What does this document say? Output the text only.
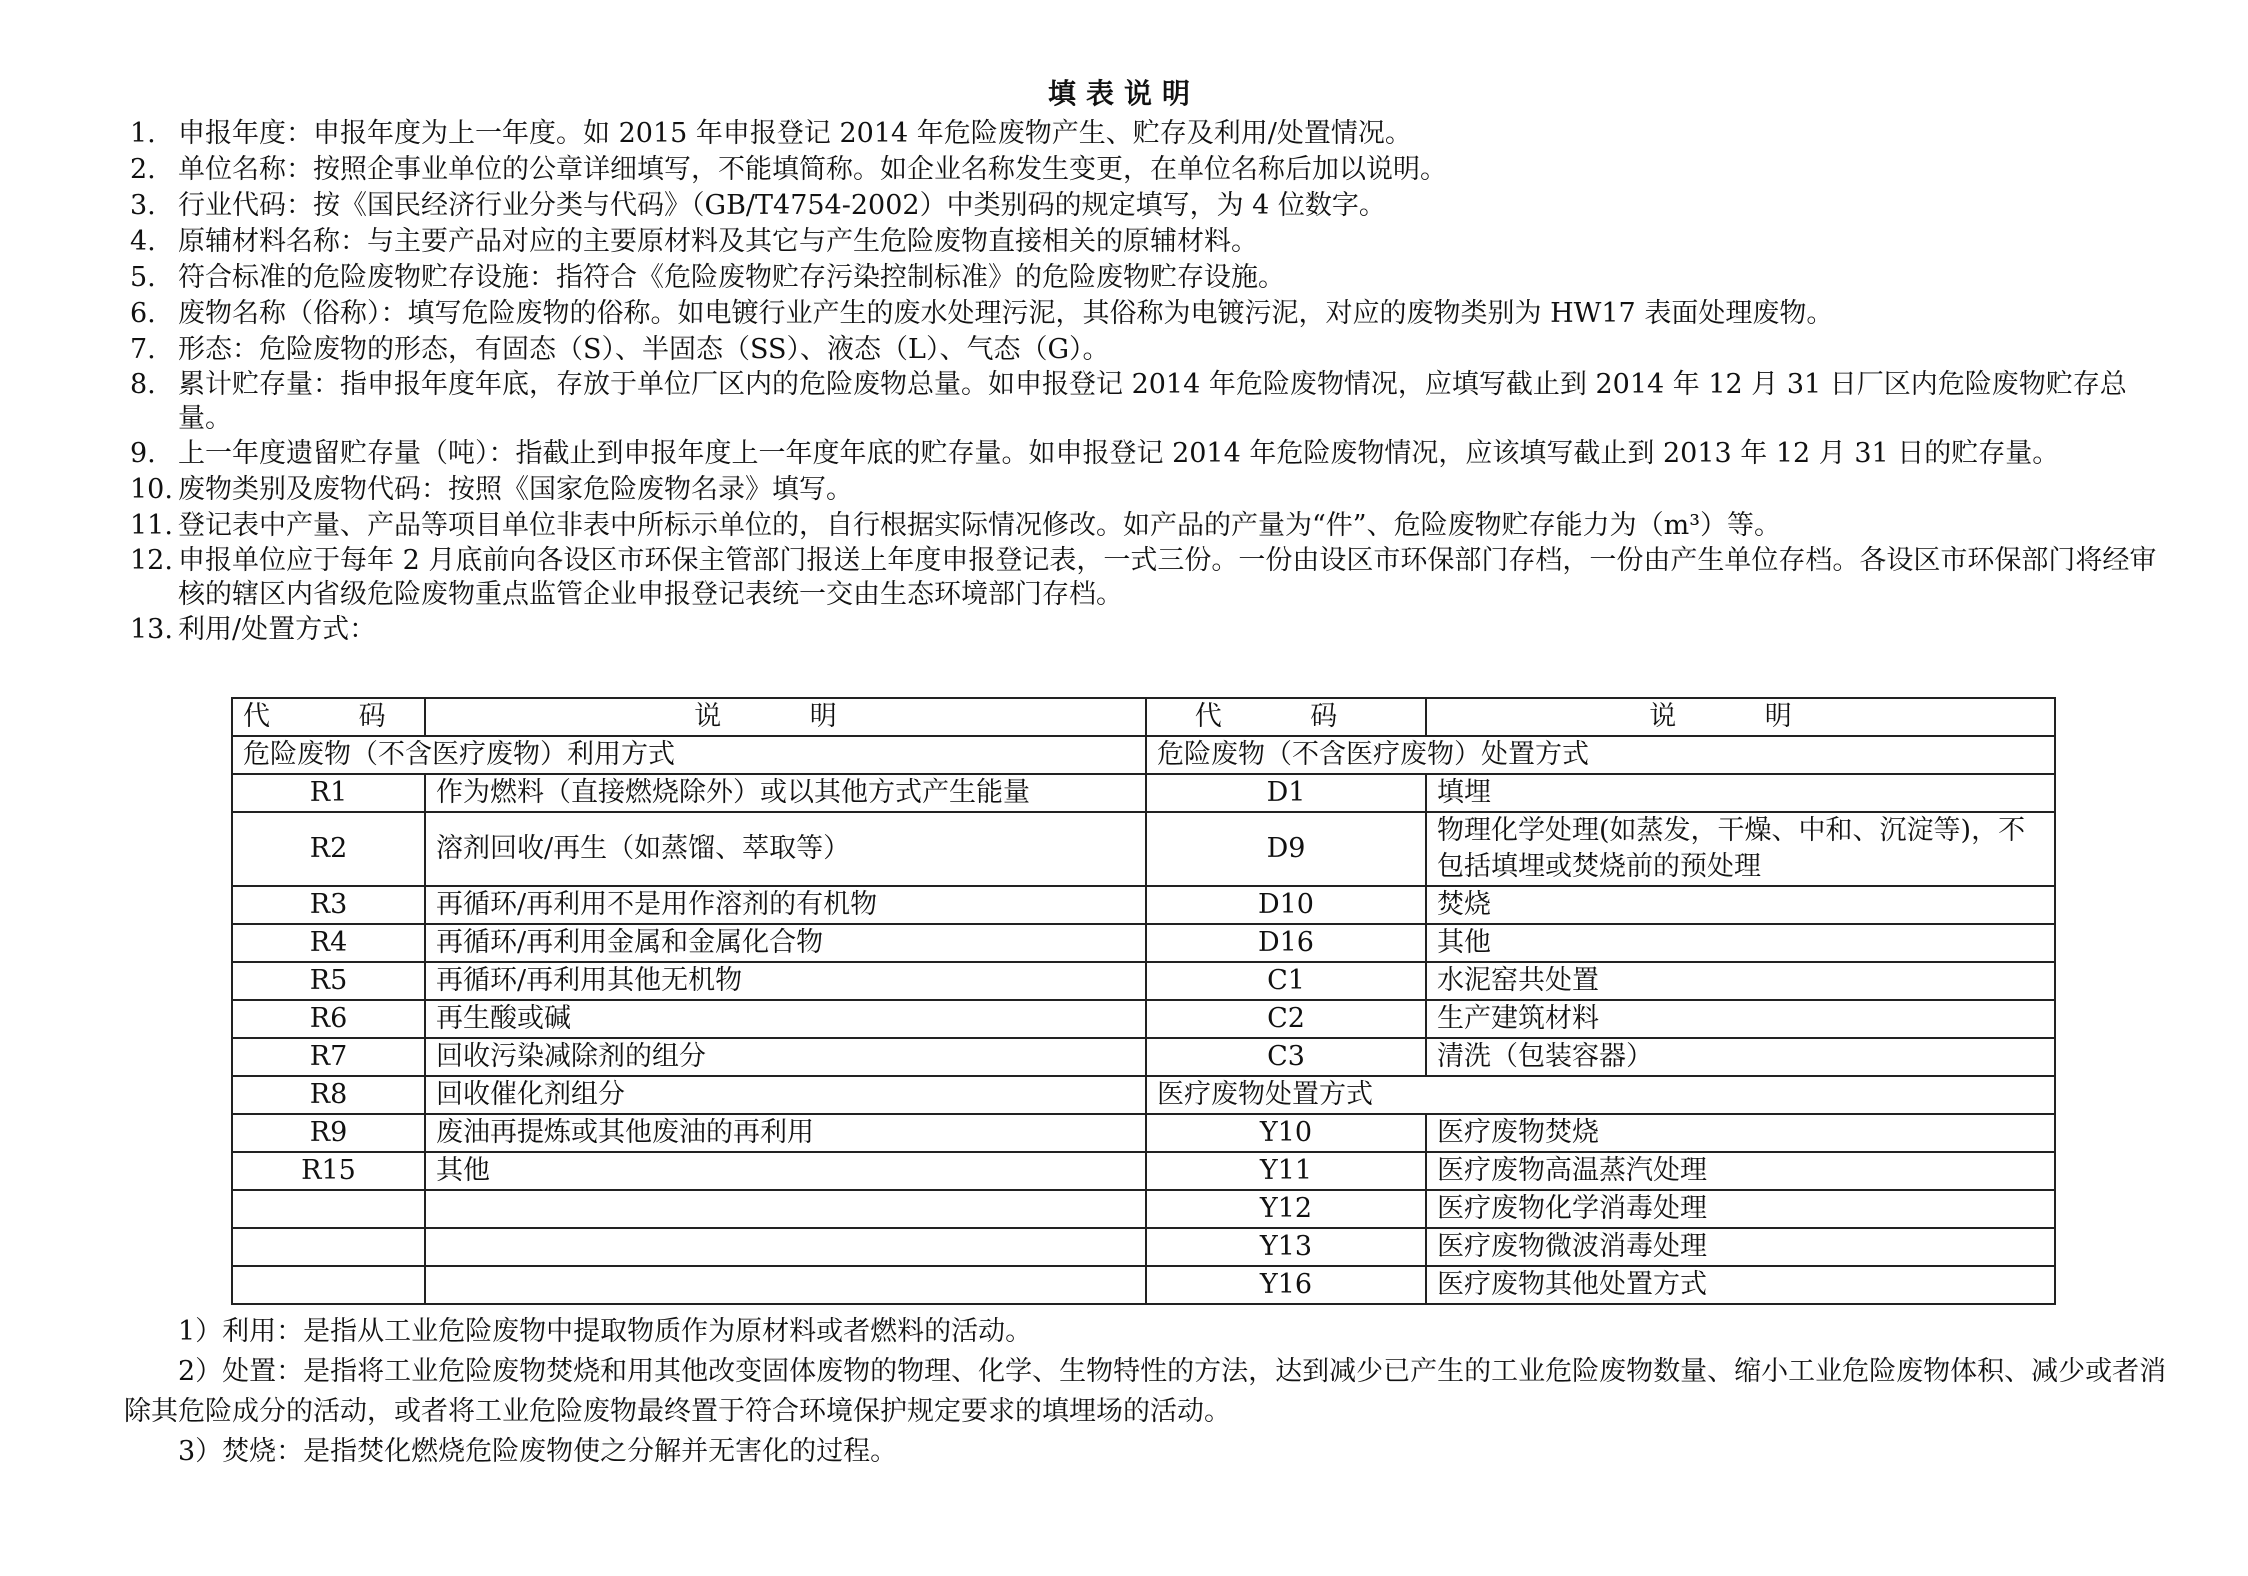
填表说明
1. 申报年度：申报年度为上一年度。如 2015 年申报登记 2014 年危险废物产生、贮存及利用/处置情况。
2. 单位名称：按照企事业单位的公章详细填写，不能填简称。如企业名称发生变更，在单位名称后加以说明。
3. 行业代码：按《国民经济行业分类与代码》（GB/T4754-2002）中类别码的规定填写，为 4 位数字。
4. 原辅材料名称：与主要产品对应的主要原材料及其它与产生危险废物直接相关的原辅材料。
5. 符合标准的危险废物贮存设施：指符合《危险废物贮存污染控制标准》的危险废物贮存设施。
6. 废物名称（俗称）：填写危险废物的俗称。如电镀行业产生的废水处理污泥，其俗称为电镀污泥，对应的废物类别为 HW17 表面处理废物。
7. 形态：危险废物的形态，有固态（S）、半固态（SS）、液态（L）、气态（G）。
8. 累计贮存量：指申报年度年底，存放于单位厂区内的危险废物总量。如申报登记 2014 年危险废物情况，应填写截止到 2014 年 12 月 31 日厂区内危险废物贮存总量。
9. 上一年度遗留贮存量（吨）：指截止到申报年度上一年度年底的贮存量。如申报登记 2014 年危险废物情况，应该填写截止到 2013 年 12 月 31 日的贮存量。
10. 废物类别及废物代码：按照《国家危险废物名录》填写。
11. 登记表中产量、产品等项目单位非表中所标示单位的，自行根据实际情况修改。如产品的产量为“件”、危险废物贮存能力为（m³）等。
12. 申报单位应于每年 2 月底前向各设区市环保主管部门报送上年度申报登记表，一式三份。一份由设区市环保部门存档，一份由产生单位存档。各设区市环保部门将经审核的辖区内省级危险废物重点监管企业申报登记表统一交由生态环境部门存档。
13. 利用/处置方式：
代 码	说 明	代 码	说 明
危险废物（不含医疗废物）利用方式		危险废物（不含医疗废物）处置方式	
R1	作为燃料（直接燃烧除外）或以其他方式产生能量	D1	填埋
R2	溶剂回收/再生（如蒸馏、萃取等）	D9	物理化学处理(如蒸发，干燥、中和、沉淀等)，不包括填埋或焚烧前的预处理
R3	再循环/再利用不是用作溶剂的有机物	D10	焚烧
R4	再循环/再利用金属和金属化合物	D16	其他
R5	再循环/再利用其他无机物	C1	水泥窑共处置
R6	再生酸或碱	C2	生产建筑材料
R7	回收污染减除剂的组分	C3	清洗（包装容器）
R8	回收催化剂组分	医疗废物处置方式	
R9	废油再提炼或其他废油的再利用	Y10	医疗废物焚烧
R15	其他	Y11	医疗废物高温蒸汽处理
		Y12	医疗废物化学消毒处理
		Y13	医疗废物微波消毒处理
		Y16	医疗废物其他处置方式
1）利用：是指从工业危险废物中提取物质作为原材料或者燃料的活动。
2）处置：是指将工业危险废物焚烧和用其他改变固体废物的物理、化学、生物特性的方法，达到减少已产生的工业危险废物数量、缩小工业危险废物体积、减少或者消除其危险成分的活动，或者将工业危险废物最终置于符合环境保护规定要求的填埋场的活动。
3）焚烧：是指焚化燃烧危险废物使之分解并无害化的过程。
